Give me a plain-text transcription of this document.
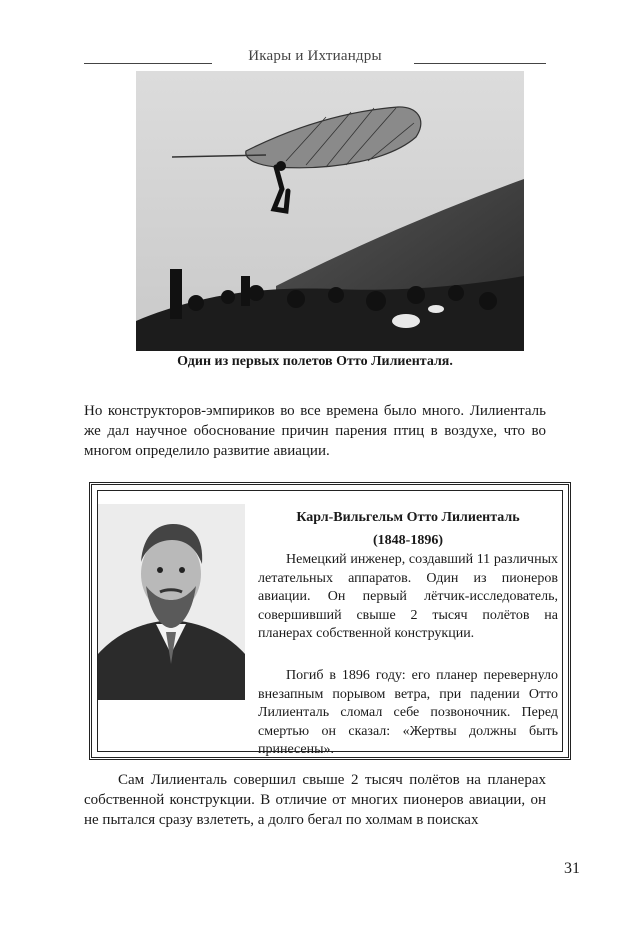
Икары и Ихтиандры
Один из первых полетов Отто Лилиенталя.
Но конструкторов-эмпириков во все времена было много. Лилиенталь же дал научное обоснование причин парения птиц в воздухе, что во многом определило развитие авиации.
Карл-Вильгельм Отто Лилиенталь
(1848-1896)
Немецкий инженер, создавший 11 различных летательных аппаратов. Один из пионеров авиации. Он первый лётчик-исследователь, совершивший свыше 2 тысяч полётов на планерах собственной конструкции.
Погиб в 1896 году: его планер перевернуло внезапным порывом ветра, при падении Отто Лилиенталь сломал себе позвоночник. Перед смертью он сказал: «Жертвы должны быть принесены».
Сам Лилиенталь совершил свыше 2 тысяч полётов на планерах собственной конструкции. В отличие от многих пионеров авиации, он не пытался сразу взлететь, а долго бегал по холмам в поисках
31
